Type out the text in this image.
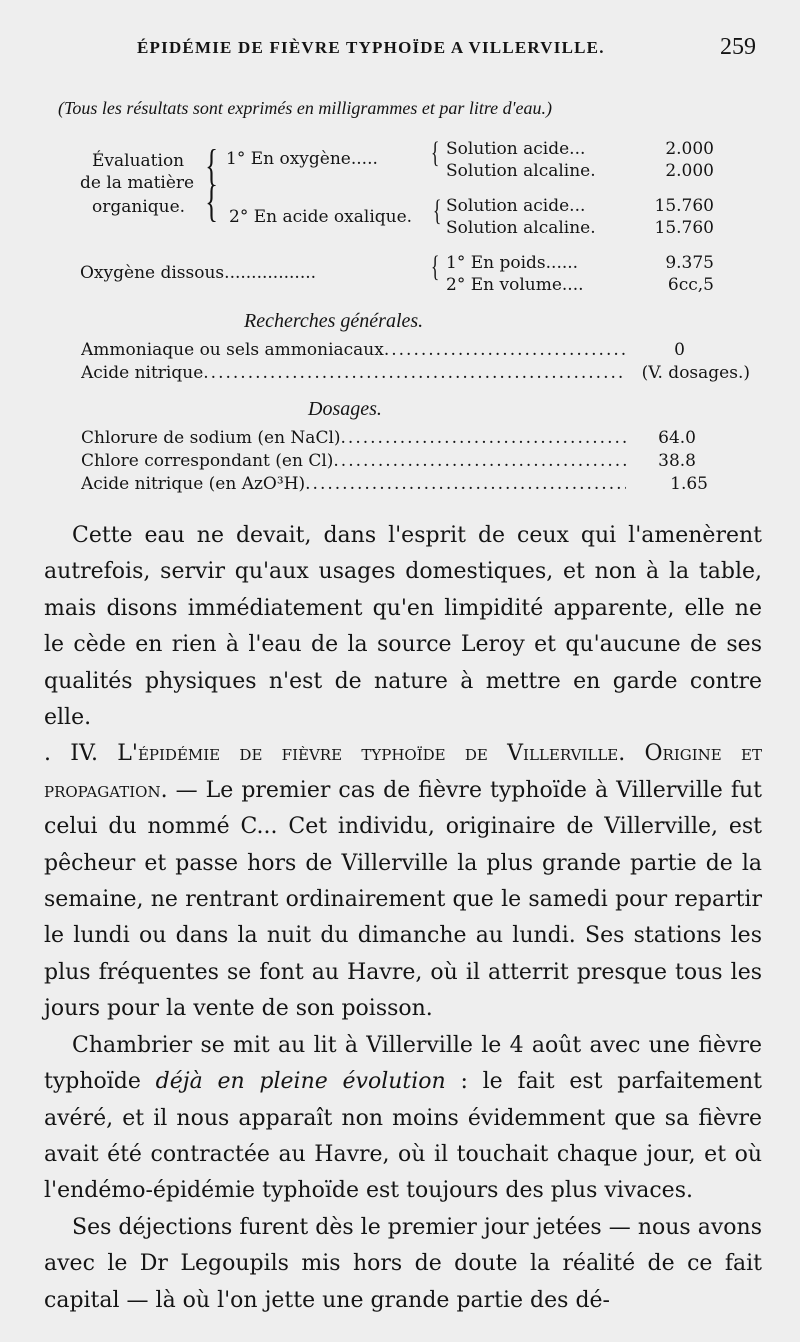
ÉPIDÉMIE DE FIÈVRE TYPHOÏDE A VILLERVILLE.	259
(Tous les résultats sont exprimés en milligrammes et par litre d'eau.)
Évaluation
de la matière
organique.
{
{
1° En oxygène..... { Solution acide...	2.000
Solution alcaline.	2.000
2° En acide oxalique. { Solution acide...	15.760
Solution alcaline.	15.760
Oxygène dissous.................	{ 1° En poids......	9.375
2° En volume....	6cc,5
Recherches générales.
Ammoniaque ou sels ammoniacaux .....	0
Acide nitrique .....	(V. dosages.)
Dosages.
Chlorure de sodium (en NaCl) .....	64.0
Chlore correspondant (en Cl) .....	38.8
Acide nitrique (en AzO³H) .....	1.65

Cette eau ne devait, dans l'esprit de ceux qui l'amenèrent autrefois, servir qu'aux usages domestiques, et non à la table, mais disons immédiatement qu'en limpidité apparente, elle ne le cède en rien à l'eau de la source Leroy et qu'aucune de ses qualités physiques n'est de nature à mettre en garde contre elle.

. IV. L'épidémie de fièvre typhoïde de Villerville. Origine et propagation. — Le premier cas de fièvre typhoïde à Villerville fut celui du nommé C... Cet individu, originaire de Villerville, est pêcheur et passe hors de Villerville la plus grande partie de la semaine, ne rentrant ordinairement que le samedi pour repartir le lundi ou dans la nuit du dimanche au lundi. Ses stations les plus fréquentes se font au Havre, où il atterrit presque tous les jours pour la vente de son poisson.

Chambrier se mit au lit à Villerville le 4 août avec une fièvre typhoïde déjà en pleine évolution : le fait est parfaitement avéré, et il nous apparaît non moins évidemment que sa fièvre avait été contractée au Havre, où il touchait chaque jour, et où l'endémo-épidémie typhoïde est toujours des plus vivaces.

Ses déjections furent dès le premier jour jetées — nous avons avec le Dr Legoupils mis hors de doute la réalité de ce fait capital — là où l'on jette une grande partie des dé-
